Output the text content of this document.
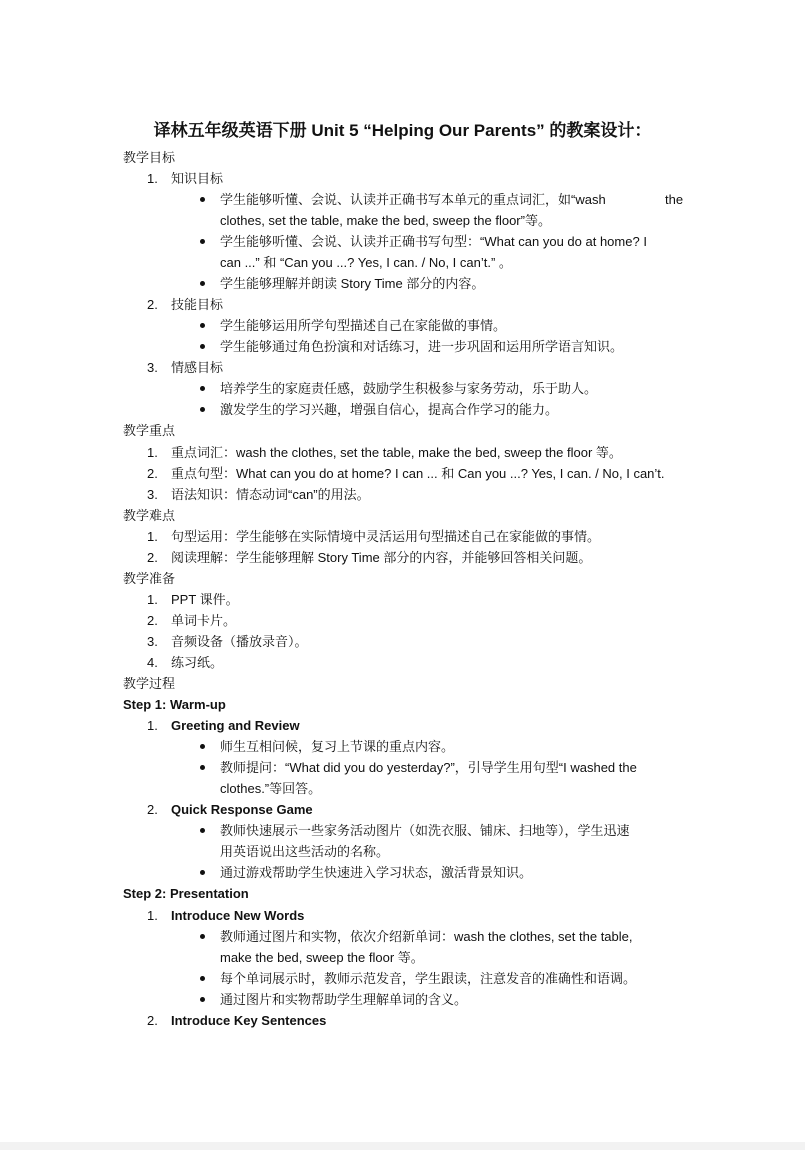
译林五年级英语下册 Unit 5 “Helping Our Parents” 的教案设计：
教学目标
1. 知识目标
学生能够听懂、会说、认读并正确书写本单元的重点词汇，如“wash	the
clothes, set the table, make the bed, sweep the floor”等。
学生能够听懂、会说、认读并正确书写句型：“What can you do at home? I
can ...” 和 “Can you ...? Yes, I can. / No, I can’t.” 。
学生能够理解并朗读 Story Time 部分的内容。
2. 技能目标
学生能够运用所学句型描述自己在家能做的事情。
学生能够通过角色扮演和对话练习，进一步巩固和运用所学语言知识。
3. 情感目标
培养学生的家庭责任感，鼓励学生积极参与家务劳动，乐于助人。
激发学生的学习兴趣，增强自信心，提高合作学习的能力。
教学重点
1. 重点词汇：wash the clothes, set the table, make the bed, sweep the floor 等。
2. 重点句型：What can you do at home? I can ... 和 Can you ...? Yes, I can. / No, I can’t.
3. 语法知识：情态动词“can”的用法。
教学难点
1. 句型运用：学生能够在实际情境中灵活运用句型描述自己在家能做的事情。
2. 阅读理解：学生能够理解 Story Time 部分的内容，并能够回答相关问题。
教学准备
1. PPT 课件。
2. 单词卡片。
3. 音频设备（播放录音）。
4. 练习纸。
教学过程
Step 1: Warm-up
1. Greeting and Review
师生互相问候，复习上节课的重点内容。
教师提问：“What did you do yesterday?”，引导学生用句型“I washed the
clothes.”等回答。
2. Quick Response Game
教师快速展示一些家务活动图片（如洗衣服、铺床、扫地等），学生迅速
用英语说出这些活动的名称。
通过游戏帮助学生快速进入学习状态，激活背景知识。
Step 2: Presentation
1. Introduce New Words
教师通过图片和实物，依次介绍新单词：wash the clothes, set the table,
make the bed, sweep the floor 等。
每个单词展示时，教师示范发音，学生跟读，注意发音的准确性和语调。
通过图片和实物帮助学生理解单词的含义。
2. Introduce Key Sentences
